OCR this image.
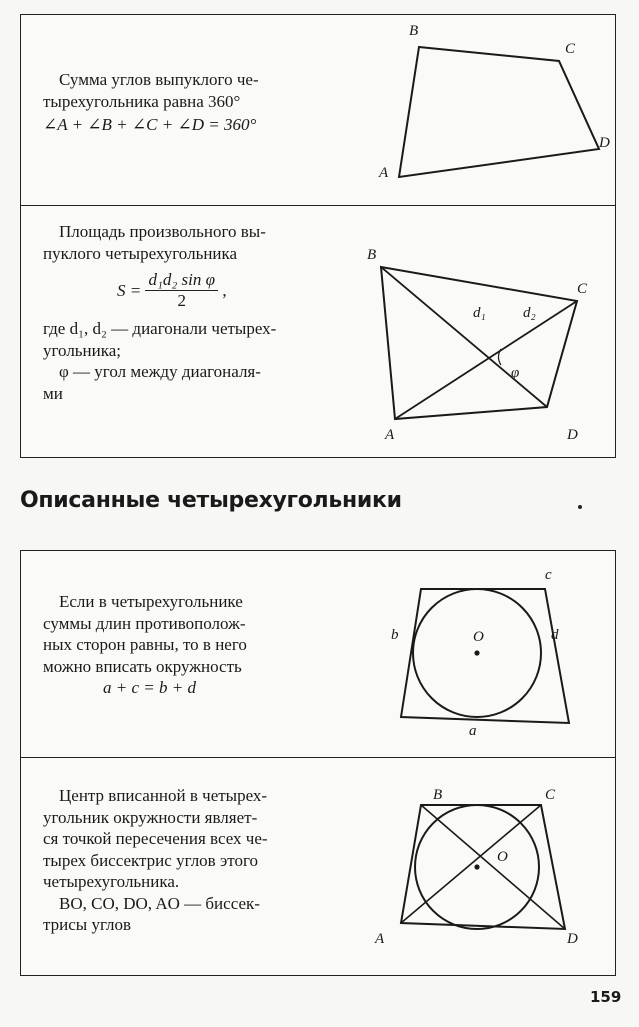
Сумма углов выпуклого че-

тырехугольника равна 360°

∠A + ∠B + ∠C + ∠D = 360°

B
C
D
A

Площадь произвольного вы-

пуклого четырехугольника

$S = \frac{\text{d₁d₂ sin φ}}{2}$ ,

где d₁, d₂ — диагонали четырех-

угольника;

φ — угол между диагоналя-

ми

B
C
A	D
d₁ d₂
φ
Описанные четырехугольники

Если в четырехугольнике

суммы длин противополож-

ных сторон равны, то в него

можно вписать окружность

a + c = b + d

O
c
b	d
a

Центр вписанной в четырех-

угольник окружности являет-

ся точкой пересечения всех че-

тырех биссектрис углов этого

четырехугольника.

BO, CO, DO, AO — биссек-

трисы углов

O
B	C
A	D
159
